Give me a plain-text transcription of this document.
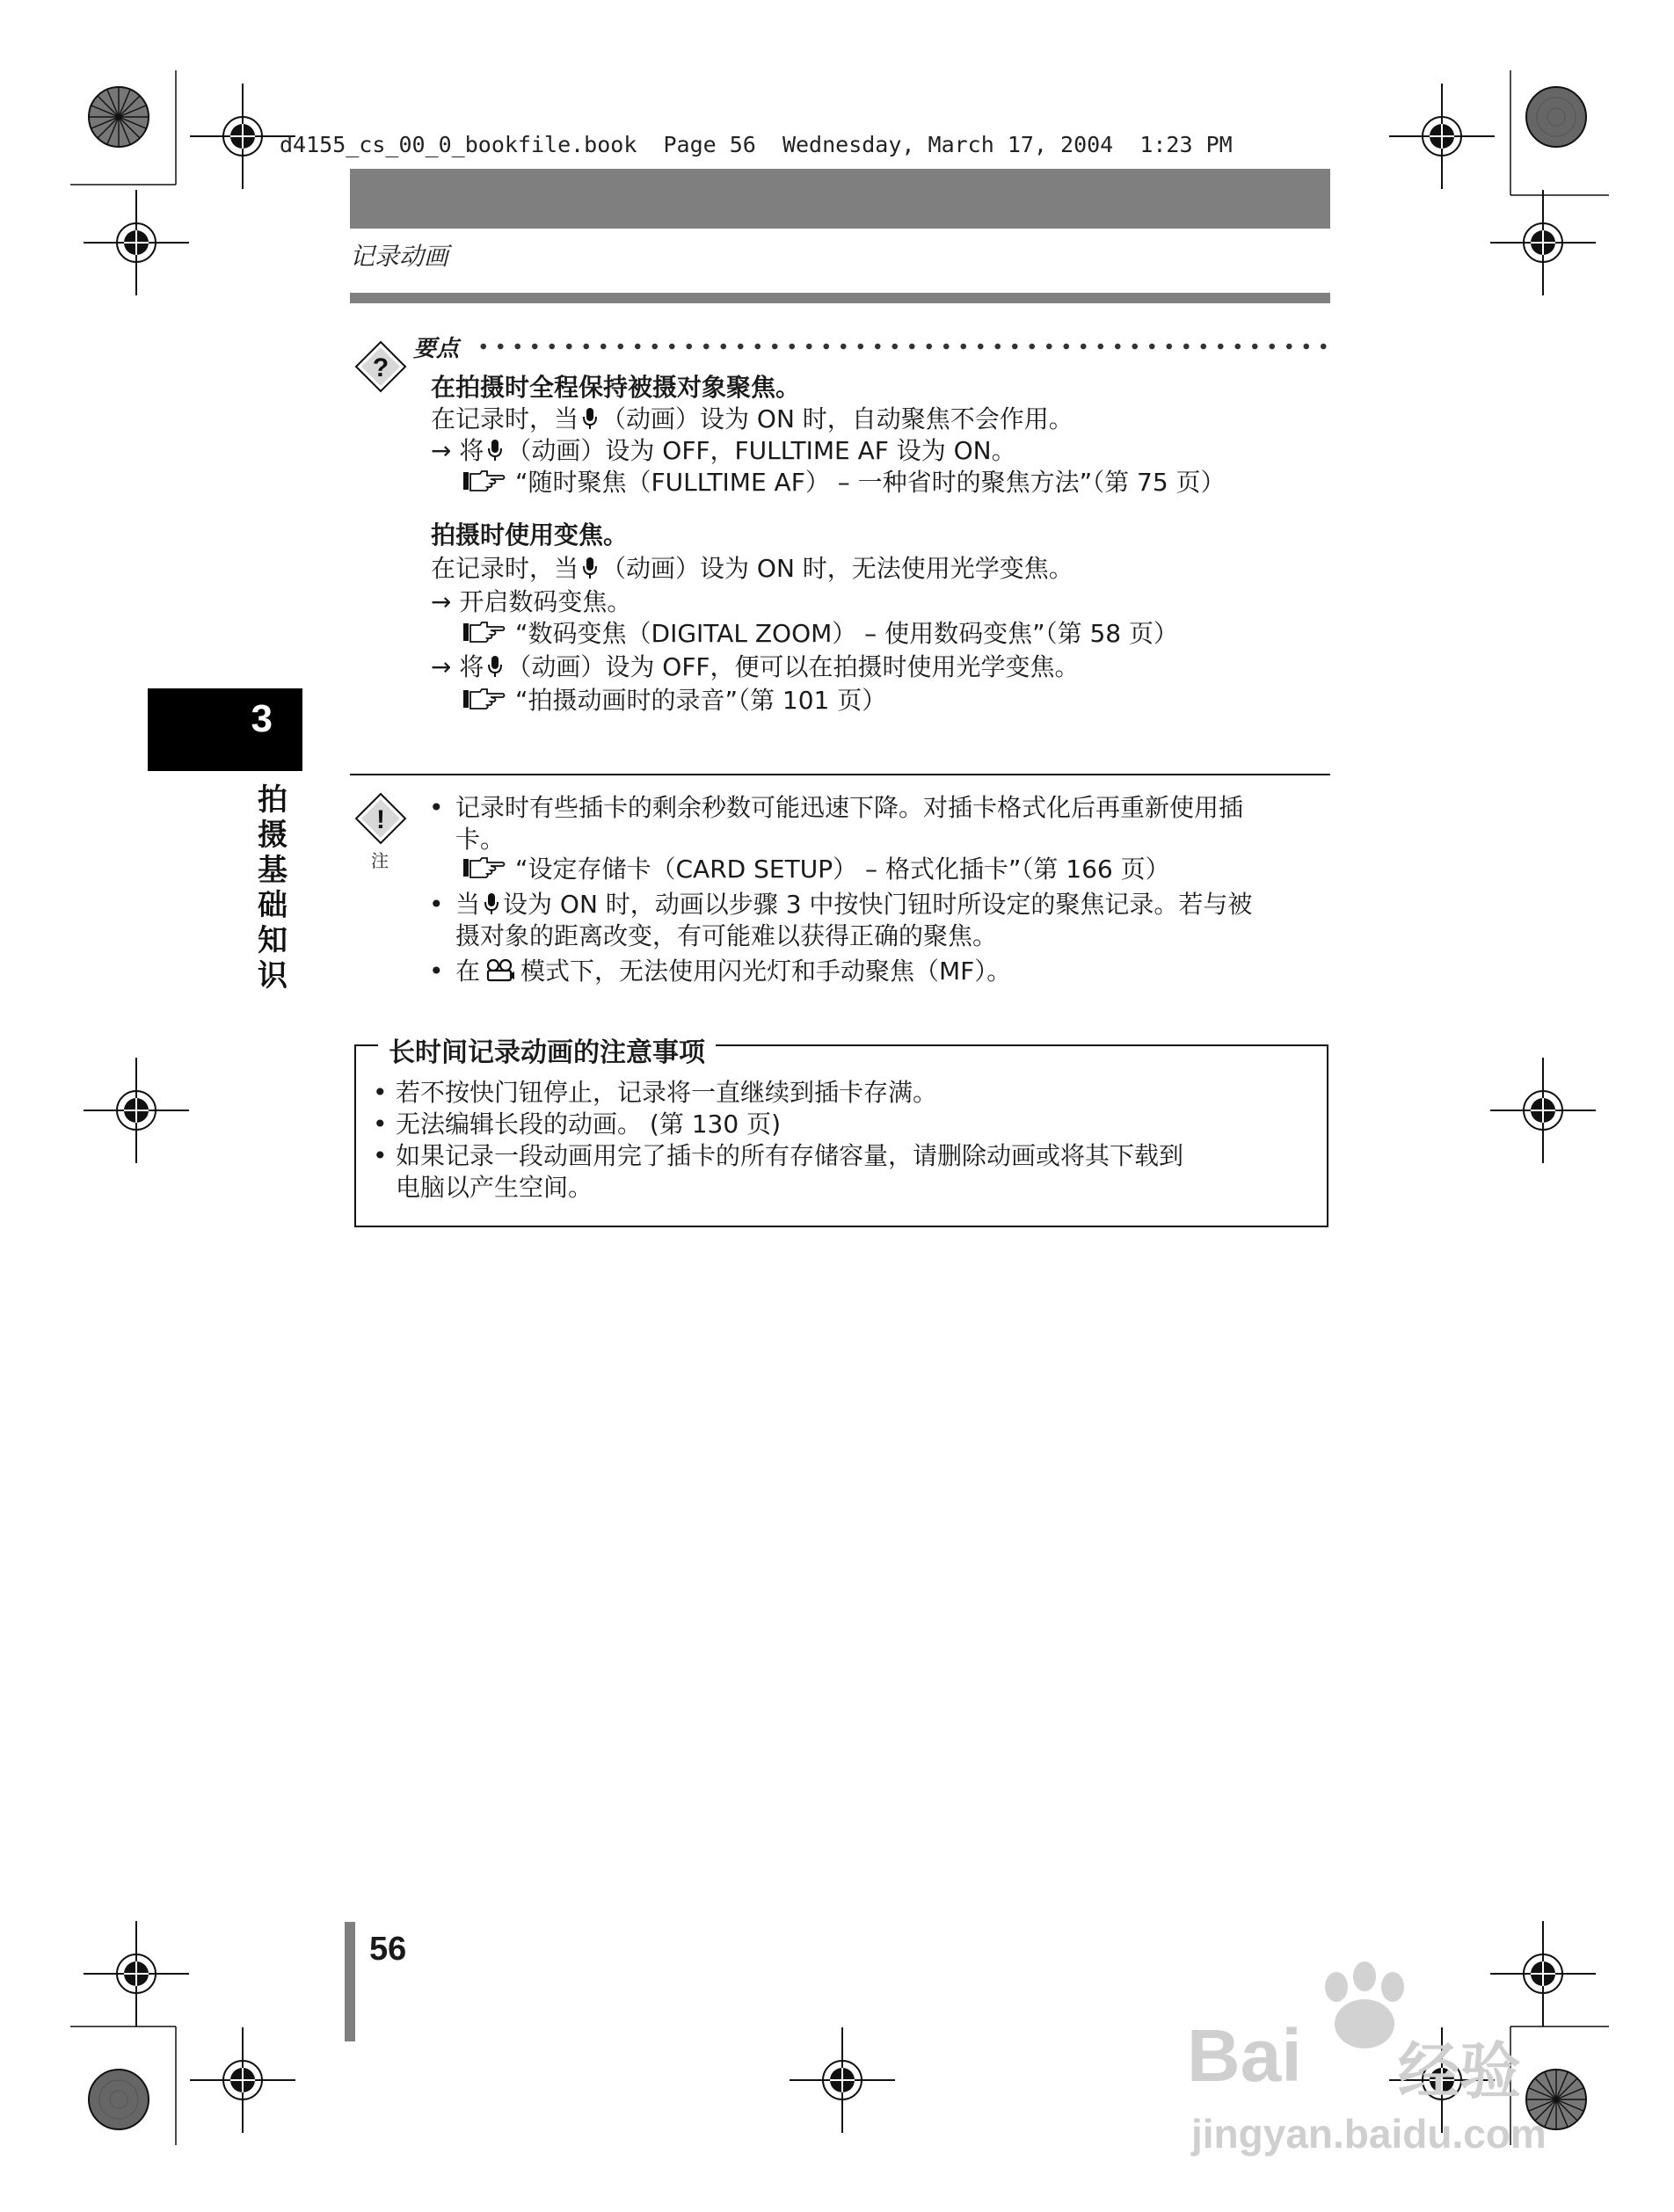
d4155_cs_00_0_bookfile.book  Page 56  Wednesday, March 17, 2004  1:23 PM
记录动画
3
拍
摄
基
础
知
识
?
要点
在拍摄时全程保持被摄对象聚焦。
在记录时，当 （动画）设为 ON 时，自动聚焦不会作用。
→ 将 （动画）设为 OFF，FULLTIME AF 设为 ON。
“随时聚焦（FULLTIME AF） – 一种省时的聚焦方法”（第 75 页）
拍摄时使用变焦。
在记录时，当 （动画）设为 ON 时，无法使用光学变焦。
→ 开启数码变焦。
“数码变焦（DIGITAL ZOOM） – 使用数码变焦”（第 58 页）
→ 将 （动画）设为 OFF，便可以在拍摄时使用光学变焦。
“拍摄动画时的录音”（第 101 页）
!
注
• 记录时有些插卡的剩余秒数可能迅速下降。对插卡格式化后再重新使用插
卡。
“设定存储卡（CARD SETUP） – 格式化插卡”（第 166 页）
• 当 设为 ON 时，动画以步骤 3 中按快门钮时所设定的聚焦记录。若与被
摄对象的距离改变，有可能难以获得正确的聚焦。
• 在 模式下，无法使用闪光灯和手动聚焦（MF）。
长时间记录动画的注意事项
• 若不按快门钮停止，记录将一直继续到插卡存满。
• 无法编辑长段的动画。 (第 130 页)
• 如果记录一段动画用完了插卡的所有存储容量，请删除动画或将其下载到
电脑以产生空间。
56
Bai 经验
jingyan.baidu.com
